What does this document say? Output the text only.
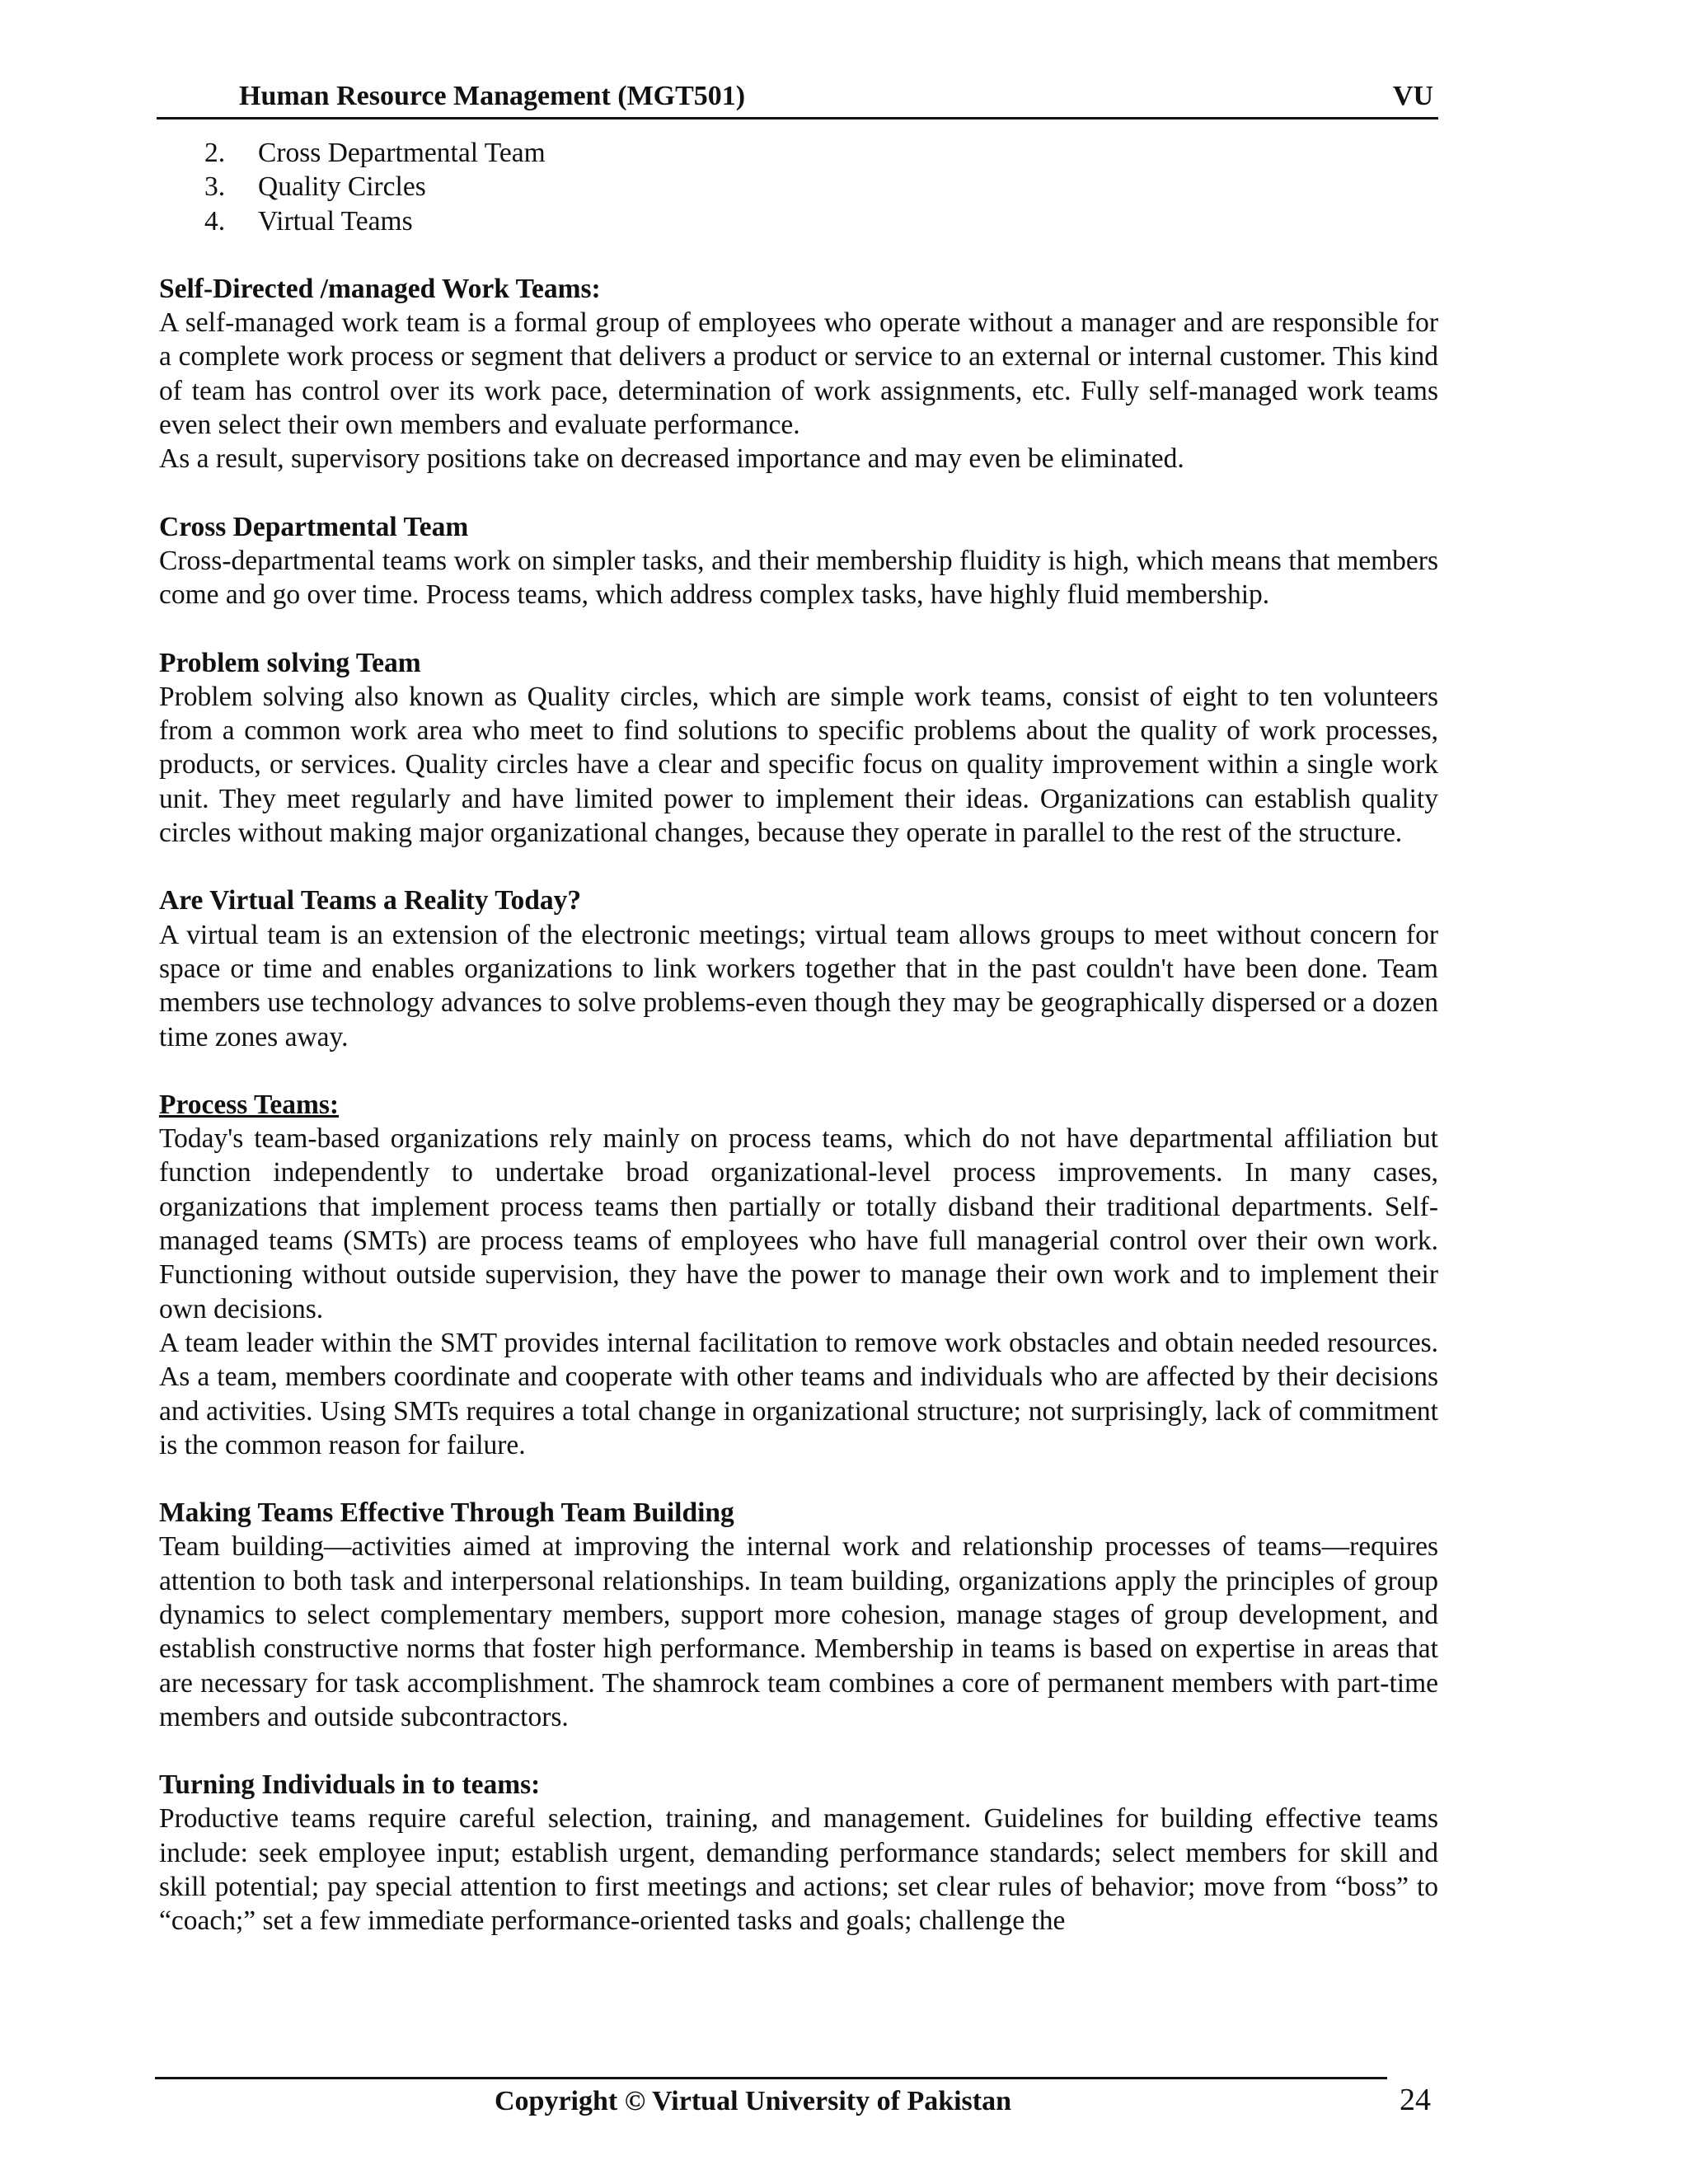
Human Resource Management (MGT501)	VU
2. Cross Departmental Team
3. Quality Circles
4. Virtual Teams
Self-Directed /managed Work Teams:

A self-managed work team is a formal group of employees who operate without a manager and are responsible for a complete work process or segment that delivers a product or service to an external or internal customer. This kind of team has control over its work pace, determination of work assignments, etc. Fully self-managed work teams even select their own members and evaluate performance.

As a result, supervisory positions take on decreased importance and may even be eliminated.

Cross Departmental Team

Cross-departmental teams work on simpler tasks, and their membership fluidity is high, which means that members come and go over time. Process teams, which address complex tasks, have highly fluid membership.

Problem solving Team

Problem solving also known as Quality circles, which are simple work teams, consist of eight to ten volunteers from a common work area who meet to find solutions to specific problems about the quality of work processes, products, or services. Quality circles have a clear and specific focus on quality improvement within a single work unit. They meet regularly and have limited power to implement their ideas. Organizations can establish quality circles without making major organizational changes, because they operate in parallel to the rest of the structure.

Are Virtual Teams a Reality Today?

A virtual team is an extension of the electronic meetings; virtual team allows groups to meet without concern for space or time and enables organizations to link workers together that in the past couldn't have been done. Team members use technology advances to solve problems-even though they may be geographically dispersed or a dozen time zones away.

Process Teams:

Today's team-based organizations rely mainly on process teams, which do not have departmental affiliation but function independently to undertake broad organizational-level process improvements. In many cases, organizations that implement process teams then partially or totally disband their traditional departments. Self-managed teams (SMTs) are process teams of employees who have full managerial control over their own work. Functioning without outside supervision, they have the power to manage their own work and to implement their own decisions.

A team leader within the SMT provides internal facilitation to remove work obstacles and obtain needed resources. As a team, members coordinate and cooperate with other teams and individuals who are affected by their decisions and activities. Using SMTs requires a total change in organizational structure; not surprisingly, lack of commitment is the common reason for failure.

Making Teams Effective Through Team Building

Team building—activities aimed at improving the internal work and relationship processes of teams—requires attention to both task and interpersonal relationships. In team building, organizations apply the principles of group dynamics to select complementary members, support more cohesion, manage stages of group development, and establish constructive norms that foster high performance. Membership in teams is based on expertise in areas that are necessary for task accomplishment. The shamrock team combines a core of permanent members with part-time members and outside subcontractors.

Turning Individuals in to teams:

Productive teams require careful selection, training, and management. Guidelines for building effective teams include: seek employee input; establish urgent, demanding performance standards; select members for skill and skill potential; pay special attention to first meetings and actions; set clear rules of behavior; move from “boss” to “coach;” set a few immediate performance-oriented tasks and goals; challenge the

Copyright © Virtual University of Pakistan	24
